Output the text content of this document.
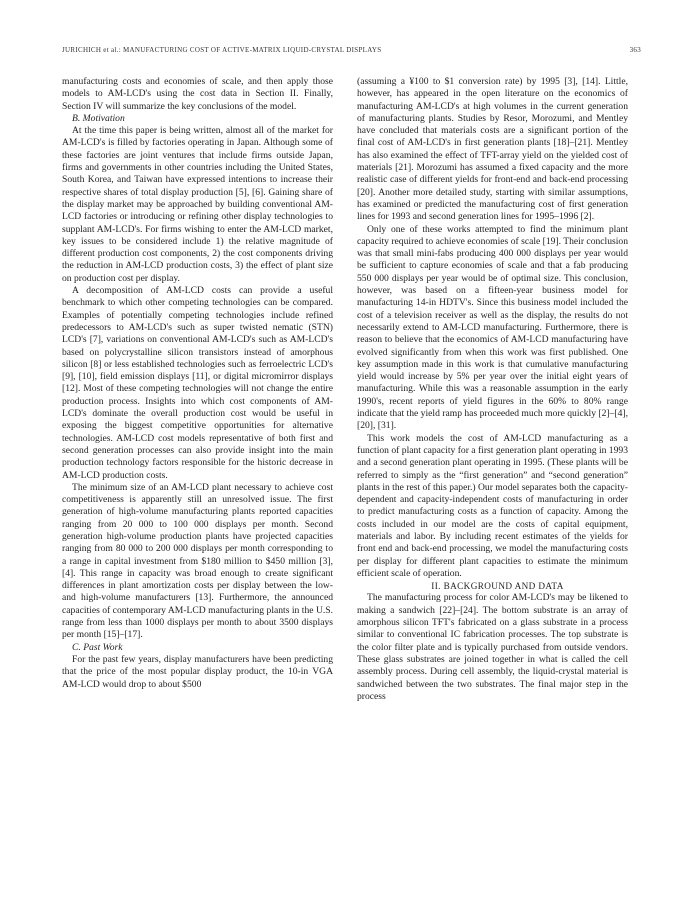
JURICHICH et al.: MANUFACTURING COST OF ACTIVE-MATRIX LIQUID-CRYSTAL DISPLAYS	363

manufacturing costs and economies of scale, and then apply those models to AM-LCD's using the cost data in Section II. Finally, Section IV will summarize the key conclusions of the model.

B. Motivation

At the time this paper is being written, almost all of the market for AM-LCD's is filled by factories operating in Japan. Although some of these factories are joint ventures that include firms outside Japan, firms and governments in other countries including the United States, South Korea, and Taiwan have expressed intentions to increase their respective shares of total display production [5], [6]. Gaining share of the display market may be approached by building conventional AM-LCD factories or introducing or refining other display technologies to supplant AM-LCD's. For firms wishing to enter the AM-LCD market, key issues to be considered include 1) the relative magnitude of different production cost components, 2) the cost components driving the reduction in AM-LCD production costs, 3) the effect of plant size on production cost per display.

A decomposition of AM-LCD costs can provide a useful benchmark to which other competing technologies can be compared. Examples of potentially competing technologies include refined predecessors to AM-LCD's such as super twisted nematic (STN) LCD's [7], variations on conventional AM-LCD's such as AM-LCD's based on polycrystalline silicon transistors instead of amorphous silicon [8] or less established technologies such as ferroelectric LCD's [9], [10], field emission displays [11], or digital micromirror displays [12]. Most of these competing technologies will not change the entire production process. Insights into which cost components of AM-LCD's dominate the overall production cost would be useful in exposing the biggest competitive opportunities for alternative technologies. AM-LCD cost models representative of both first and second generation processes can also provide insight into the main production technology factors responsible for the historic decrease in AM-LCD production costs.

The minimum size of an AM-LCD plant necessary to achieve cost competitiveness is apparently still an unresolved issue. The first generation of high-volume manufacturing plants reported capacities ranging from 20 000 to 100 000 displays per month. Second generation high-volume production plants have projected capacities ranging from 80 000 to 200 000 displays per month corresponding to a range in capital investment from $180 million to $450 million [3], [4]. This range in capacity was broad enough to create significant differences in plant amortization costs per display between the low- and high-volume manufacturers [13]. Furthermore, the announced capacities of contemporary AM-LCD manufacturing plants in the U.S. range from less than 1000 displays per month to about 3500 displays per month [15]–[17].

C. Past Work

For the past few years, display manufacturers have been predicting that the price of the most popular display product, the 10-in VGA AM-LCD would drop to about $500

(assuming a ¥100 to $1 conversion rate) by 1995 [3], [14]. Little, however, has appeared in the open literature on the economics of manufacturing AM-LCD's at high volumes in the current generation of manufacturing plants. Studies by Resor, Morozumi, and Mentley have concluded that materials costs are a significant portion of the final cost of AM-LCD's in first generation plants [18]–[21]. Mentley has also examined the effect of TFT-array yield on the yielded cost of materials [21]. Morozumi has assumed a fixed capacity and the more realistic case of different yields for front-end and back-end processing [20]. Another more detailed study, starting with similar assumptions, has examined or predicted the manufacturing cost of first generation lines for 1993 and second generation lines for 1995–1996 [2].

Only one of these works attempted to find the minimum plant capacity required to achieve economies of scale [19]. Their conclusion was that small mini-fabs producing 400 000 displays per year would be sufficient to capture economies of scale and that a fab producing 550 000 displays per year would be of optimal size. This conclusion, however, was based on a fifteen-year business model for manufacturing 14-in HDTV's. Since this business model included the cost of a television receiver as well as the display, the results do not necessarily extend to AM-LCD manufacturing. Furthermore, there is reason to believe that the economics of AM-LCD manufacturing have evolved significantly from when this work was first published. One key assumption made in this work is that cumulative manufacturing yield would increase by 5% per year over the initial eight years of manufacturing. While this was a reasonable assumption in the early 1990's, recent reports of yield figures in the 60% to 80% range indicate that the yield ramp has proceeded much more quickly [2]–[4], [20], [31].

This work models the cost of AM-LCD manufacturing as a function of plant capacity for a first generation plant operating in 1993 and a second generation plant operating in 1995. (These plants will be referred to simply as the “first generation” and “second generation” plants in the rest of this paper.) Our model separates both the capacity-dependent and capacity-independent costs of manufacturing in order to predict manufacturing costs as a function of capacity. Among the costs included in our model are the costs of capital equipment, materials and labor. By including recent estimates of the yields for front end and back-end processing, we model the manufacturing costs per display for different plant capacities to estimate the minimum efficient scale of operation.

II. BACKGROUND AND DATA

The manufacturing process for color AM-LCD's may be likened to making a sandwich [22]–[24]. The bottom substrate is an array of amorphous silicon TFT's fabricated on a glass substrate in a process similar to conventional IC fabrication processes. The top substrate is the color filter plate and is typically purchased from outside vendors. These glass substrates are joined together in what is called the cell assembly process. During cell assembly, the liquid-crystal material is sandwiched between the two substrates. The final major step in the process
